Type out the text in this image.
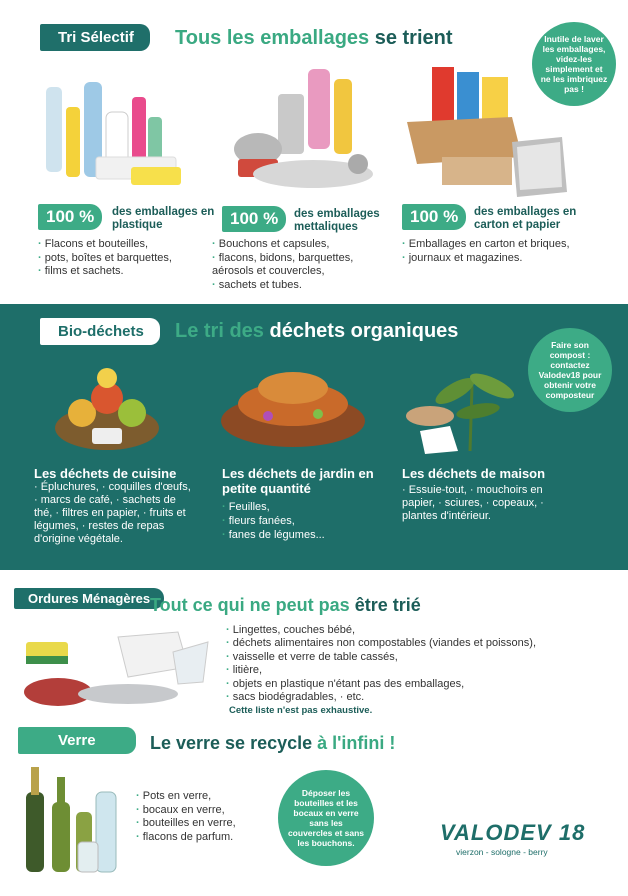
Tri Sélectif	Tous les emballages se trient	Inutile de laver les emballages, videz-les simplement et ne les imbriquez pas !
100 %	des emballages en plastique
· Flacons et bouteilles,
· pots, boîtes et barquettes,
· films et sachets.
100 %	des emballages mettaliques
· Bouchons et capsules,
· flacons, bidons, barquettes, aérosols et couvercles,
· sachets et tubes.
100 %	des emballages en carton et papier
· Emballages en carton et briques,
· journaux et magazines.
Bio-déchets	Le tri des déchets organiques
Faire son compost : contactez Valodev18 pour obtenir votre composteur
Les déchets de cuisine
· Épluchures, · coquilles d'œufs, · marcs de café, · sachets de thé, · filtres en papier, · fruits et légumes, · restes de repas d'origine végétale.
Les déchets de jardin en petite quantité
· Feuilles,
· fleurs fanées,
· fanes de légumes...
Les déchets de maison
· Essuie-tout, · mouchoirs en papier, · sciures, · copeaux, · plantes d'intérieur.
Ordures Ménagères Tout ce qui ne peut pas être trié
· Lingettes, couches bébé,
· déchets alimentaires non compostables (viandes et poissons),
· vaisselle et verre de table cassés,
· litière,
· objets en plastique n'étant pas des emballages,
· sacs biodégradables, · etc.
Cette liste n'est pas exhaustive.
Verre	Le verre se recycle à l'infini !
· Pots en verre,
· bocaux en verre,
· bouteilles en verre,
· flacons de parfum.
Déposer les bouteilles et les bocaux en verre sans les couvercles et sans les bouchons.	VALODEV 18
vierzon - sologne - berry
